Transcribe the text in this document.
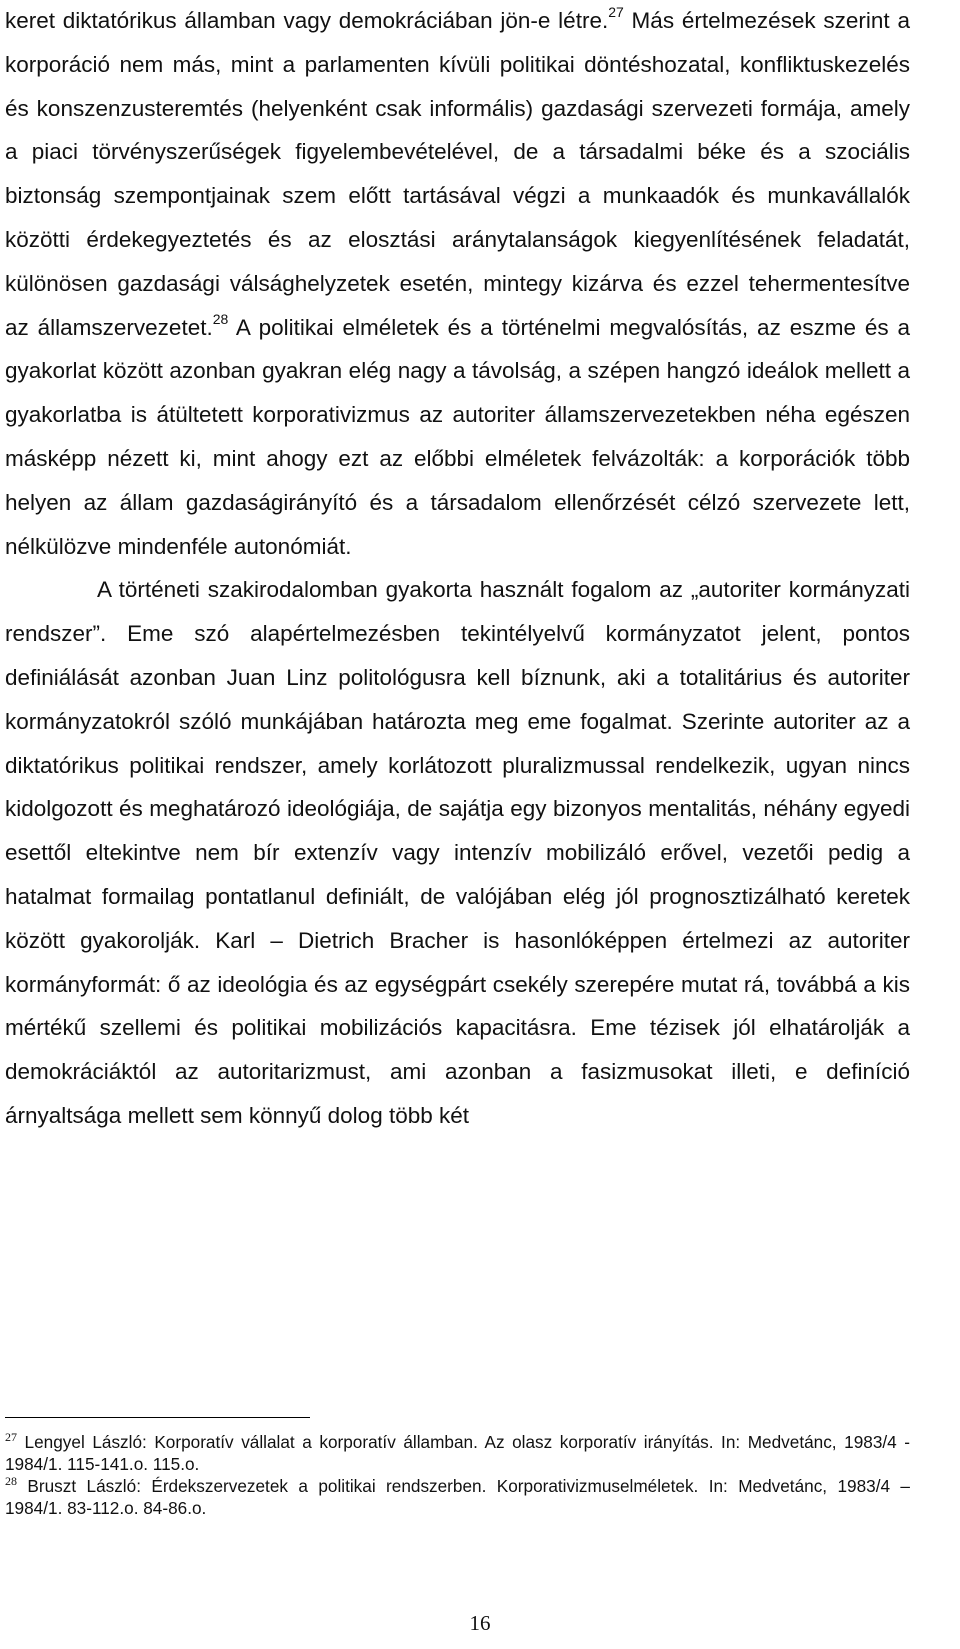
keret diktatórikus államban vagy demokráciában jön-e létre.$^{27}$ Más értelmezések szerint a korporáció nem más, mint a parlamenten kívüli politikai döntéshozatal, konfliktuskezelés és konszenzusteremtés (helyenként csak informális) gazdasági szervezeti formája, amely a piaci törvényszerűségek figyelembevételével, de a társadalmi béke és a szociális biztonság szempontjainak szem előtt tartásával végzi a munkaadók és munkavállalók közötti érdekegyeztetés és az elosztási aránytalanságok kiegyenlítésének feladatát, különösen gazdasági válsághelyzetek esetén, mintegy kizárva és ezzel tehermentesítve az államszervezetet.$^{28}$ A politikai elméletek és a történelmi megvalósítás, az eszme és a gyakorlat között azonban gyakran elég nagy a távolság, a szépen hangzó ideálok mellett a gyakorlatba is átültetett korporativizmus az autoriter államszervezetekben néha egészen másképp nézett ki, mint ahogy ezt az előbbi elméletek felvázolták: a korporációk több helyen az állam gazdaságirányító és a társadalom ellenőrzését célzó szervezete lett, nélkülözve mindenféle autonómiát.

A történeti szakirodalomban gyakorta használt fogalom az „autoriter kormányzati rendszer”. Eme szó alapértelmezésben tekintélyelvű kormányzatot jelent, pontos definiálását azonban Juan Linz politológusra kell bíznunk, aki a totalitárius és autoriter kormányzatokról szóló munkájában határozta meg eme fogalmat. Szerinte autoriter az a diktatórikus politikai rendszer, amely korlátozott pluralizmussal rendelkezik, ugyan nincs kidolgozott és meghatározó ideológiája, de sajátja egy bizonyos mentalitás, néhány egyedi esettől eltekintve nem bír extenzív vagy intenzív mobilizáló erővel, vezetői pedig a hatalmat formailag pontatlanul definiált, de valójában elég jól prognosztizálható keretek között gyakorolják. Karl – Dietrich Bracher is hasonlóképpen értelmezi az autoriter kormányformát: ő az ideológia és az egységpárt csekély szerepére mutat rá, továbbá a kis mértékű szellemi és politikai mobilizációs kapacitásra. Eme tézisek jól elhatárolják a demokráciáktól az autoritarizmust, ami azonban a fasizmusokat illeti, e definíció árnyaltsága mellett sem könnyű dolog több két

$^{27}$ Lengyel László: Korporatív vállalat a korporatív államban. Az olasz korporatív irányítás. In: Medvetánc, 1983/4 - 1984/1. 115-141.o. 115.o.

$^{28}$ Bruszt László: Érdekszervezetek a politikai rendszerben. Korporativizmuselméletek. In: Medvetánc, 1983/4 – 1984/1. 83-112.o. 84-86.o.

16
